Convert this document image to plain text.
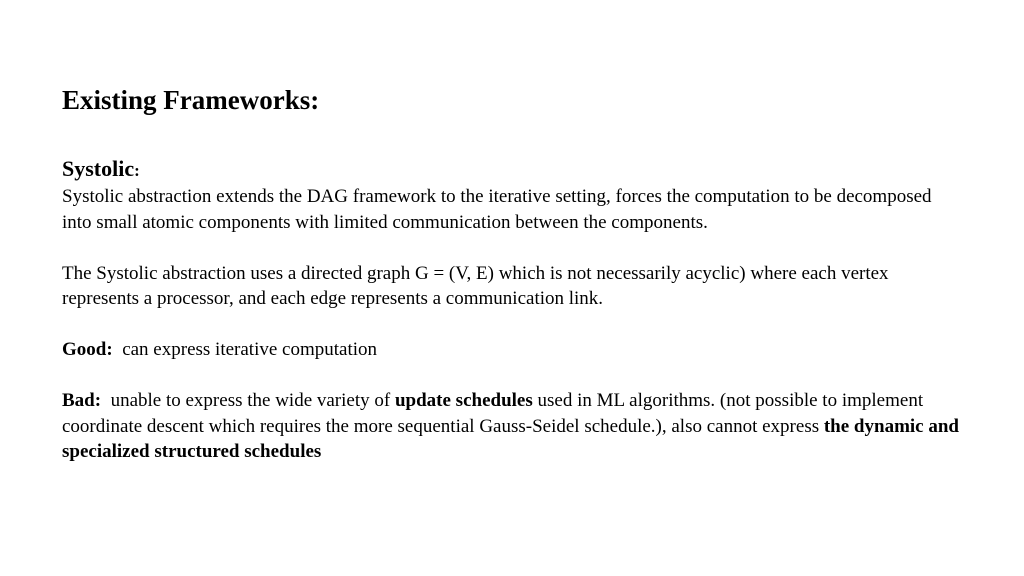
Existing Frameworks:
Systolic:

Systolic abstraction extends the DAG framework to the iterative setting, forces the computation to be decomposed into small atomic components with limited communication between the components.

The Systolic abstraction uses a directed graph G = (V, E) which is not necessarily acyclic) where each vertex represents a processor, and each edge represents a communication link.

Good: can express iterative computation

Bad: unable to express the wide variety of update schedules used in ML algorithms. (not possible to implement coordinate descent which requires the more sequential Gauss-Seidel schedule.), also cannot express the dynamic and specialized structured schedules
